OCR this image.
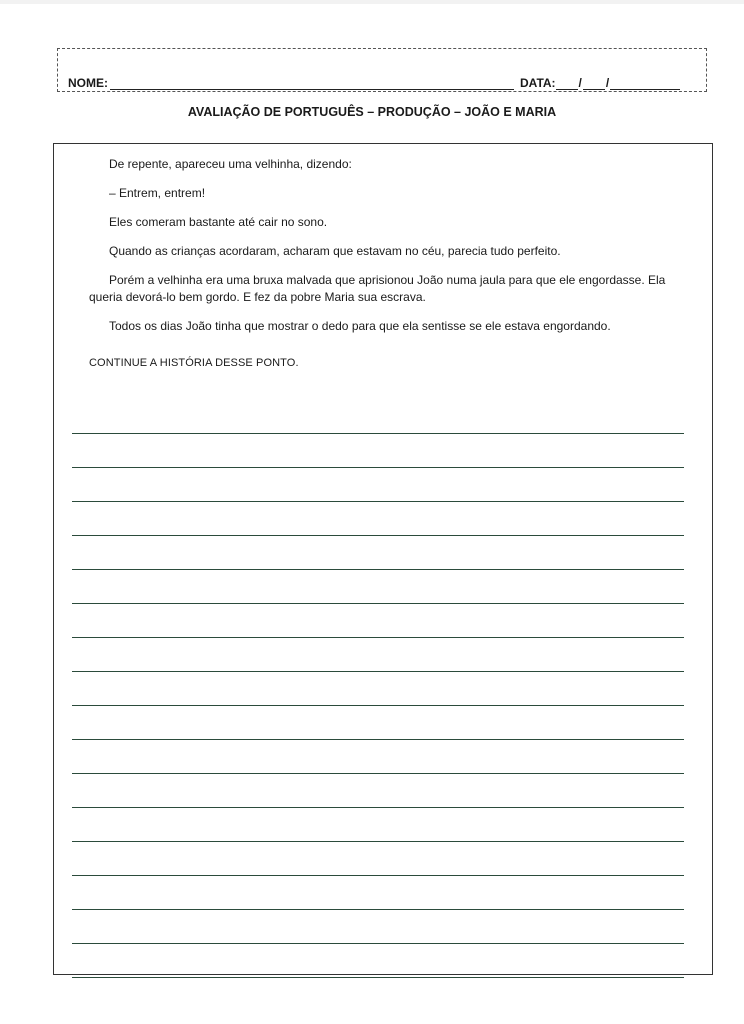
NOME:	DATA: / /
AVALIAÇÃO DE PORTUGUÊS – PRODUÇÃO – JOÃO E MARIA

De repente, apareceu uma velhinha, dizendo:

– Entrem, entrem!

Eles comeram bastante até cair no sono.

Quando as crianças acordaram, acharam que estavam no céu, parecia tudo perfeito.

Porém a velhinha era uma bruxa malvada que aprisionou João numa jaula para que ele engordasse. Ela queria devorá-lo bem gordo. E fez da pobre Maria sua escrava.

Todos os dias João tinha que mostrar o dedo para que ela sentisse se ele estava engordando.

CONTINUE A HISTÓRIA DESSE PONTO.
